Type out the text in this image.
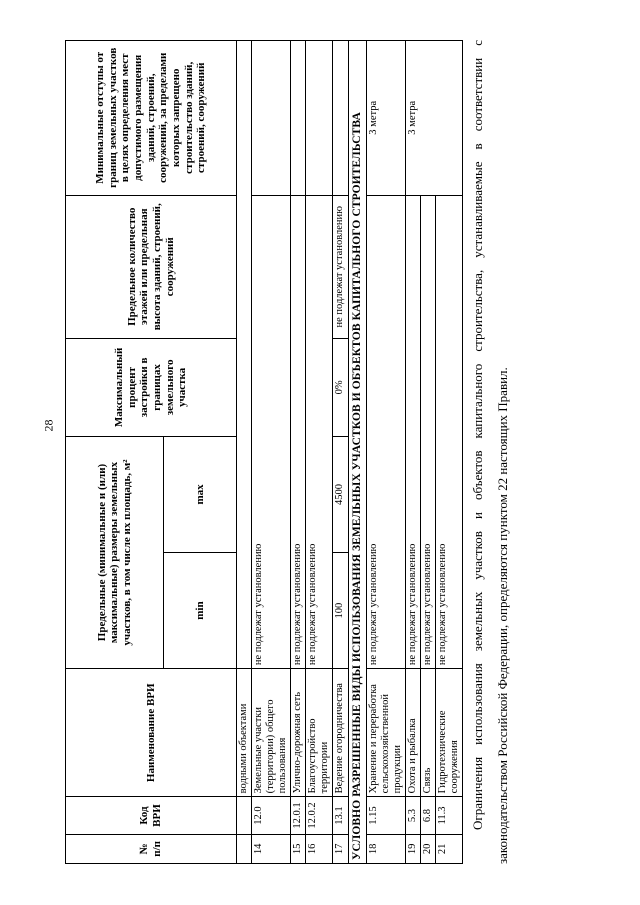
28
№ п/п	Код ВРИ	Наименование ВРИ	Предельные (минимальные и (или) максимальные) размеры земельных участков, в том числе их площадь, м²		Максимальный процент застройки в границах земельного участка	Предельное количество этажей или предельная высота зданий, строений, сооружений	Минимальные отступы от границ земельных участков в целях определения мест допустимого размещения зданий, строений, сооружений, за пределами которых запрещено строительство зданий, строений, сооружений
			min	max			
		водными объектами					
14	12.0	Земельные участки (территории) общего пользования	не подлежат установлению				
15	12.0.1	Улично-дорожная сеть	не подлежат установлению				
16	12.0.2	Благоустройство территории	не подлежат установлению				
17	13.1	Ведение огородничества	100	4500	0%	не подлежат установлению	
УСЛОВНО РАЗРЕШЕННЫЕ ВИДЫ ИСПОЛЬЗОВАНИЯ ЗЕМЕЛЬНЫХ УЧАСТКОВ И ОБЪЕКТОВ КАПИТАЛЬНОГО СТРОИТЕЛЬСТВА							
18	1.15	Хранение и переработка сельскохозяйственной продукции	не подлежат установлению				3 метра
19	5.3	Охота и рыбалка	не подлежат установлению				3 метра
20	6.8	Связь	не подлежат установлению				
21	11.3	Гидротехнические сооружения	не подлежат установлению					Ограничения использования земельных участков и объектов капитального строительства, устанавливаемые в соответствии с законодательством Российской Федерации, определяются пунктом 22 настоящих Правил.
